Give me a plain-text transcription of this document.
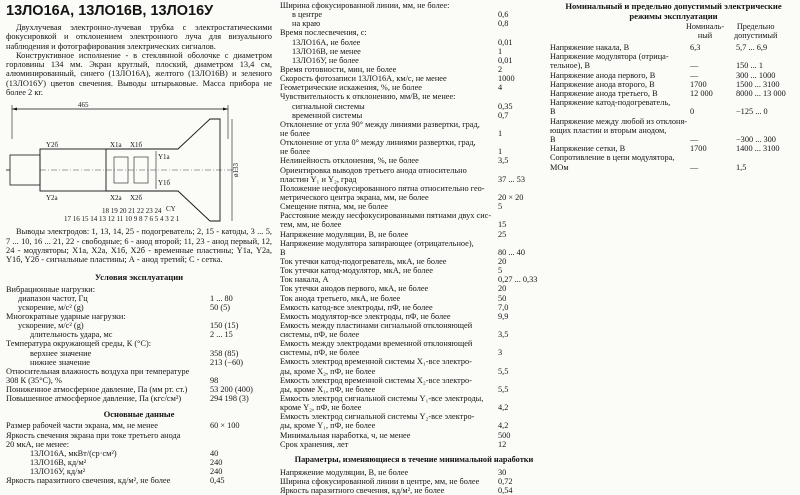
13ЛО16А, 13ЛО16В, 13ЛО16У

Двухлучевая электронно-лучевая трубка с электростатическими фокусировкой и отклонением электронного луча для визуального наблюдения и фотографирования электрических сигналов.

Конструктивное исполнение - в стеклянной оболочке с диаметром горловины 134 мм. Экран круглый, плоский, диаметром 13,4 см, алюминированный, синего (13ЛО16А), желтого (13ЛО16В) и зеленого (13ЛО16У) цветов свечения. Выводы штырьковые. Масса прибора не более 2 кг.

465
ø133
X1а X1б
X2а X2б
Y1а
Y1б
Y2б
Y2а
CY
18 19 20 21 22 23 24
17 16 15 14 13 12 11 10 9 8 7 6 5 4 3 2 1

Выводы электродов: 1, 13, 14, 25 - подогреватель; 2, 15 - катоды, 3 ... 5, 7 ... 10, 16 ... 21, 22 - свободные; 6 - анод второй; 11, 23 - анод первый, 12, 24 - модуляторы; X1а, X2а, X1б, X2б - временные пластины; Y1а, Y2а, Y1б, Y2б - сигнальные пластины; А - анод третий; C - сетка.

Условия эксплуатации

Вибрационные нагрузки:
диапазон частот, Гц	1 ... 80
ускорение, м/с² (g)	50 (5)
Многократные ударные нагрузки:
ускорение, м/с² (g)	150 (15)
длительность удара, мс	2 ... 15
Температура окружающей среды, К (°С):
верхнее значение	358 (85)
нижнее значение	213 (−60)
Относительная влажность воздуха при температуре
308 К (35°С), %	98
Пониженное атмосферное давление, Па (мм рт. ст.)	53 200 (400)
Повышенное атмосферное давление, Па (кгс/см²)	294 198 (3)

Основные данные

Размер рабочей части экрана, мм, не менее	60 × 100
Яркость свечения экрана при токе третьего анода
20 мкА, не менее:
13ЛО16А, мкВт/(ср·см²)	40
13ЛО16В, кд/м²	240
13ЛО16У, кд/м²	240
Яркость паразитного свечения, кд/м², не более	0,45
Ширина сфокусированной линии, мм, не более:
в центре	0,6
на краю	0,8
Время послесвечения, с:
13ЛО16А, не более	0,01
13ЛО16В, не менее	1
13ЛО16У, не более	0,01
Время готовности, мин, не более	2
Скорость фотозаписи 13ЛО16А, км/с, не менее	1000
Геометрические искажения, %, не более	4
Чувствительность к отклонению, мм/В, не менее:
сигнальной системы	0,35
временной системы	0,7
Отклонение от угла 90° между линиями развертки, град,
не более	1
Отклонение от угла 0° между линиями развертки, град,
не более	1
Нелинейность отклонения, %, не более	3,5
Ориентировка выводов третьего анода относительно
пластин Y₁ и Y₂, град	37 ... 53
Положение несфокусированного пятна относительно гео-
метрического центра экрана, мм, не более	20 × 20
Смещение пятна, мм, не более	5
Расстояние между несфокусированными пятнами двух сис-
тем, мм, не более	15
Напряжение модуляции, В, не более	25
Напряжение модулятора запирающее (отрицательное),
В	80 ... 40
Ток утечки катод-подогреватель, мкА, не более	20
Ток утечки катод-модулятор, мкА, не более	5
Ток накала, А	0,27 ... 0,33
Ток утечки анодов первого, мкА, не более	20
Ток анода третьего, мкА, не более	50
Емкость катод-все электроды, пФ, не более	7,0
Емкость модулятор-все электроды, пФ, не более	9,9
Емкость между пластинами сигнальной отклоняющей
системы, пФ, не более	3,5
Емкость между электродами временной отклоняющей
системы, пФ, не более	3
Емкость электрод временной системы X₁-все электро-
ды, кроме X₂, пФ, не более	5,5
Емкость электрод временной системы X₂-все электро-
ды, кроме X₁, пФ, не более	5,5
Емкость электрод сигнальной системы Y₁-все электроды,
кроме Y₂, пФ, не более	4,2
Емкость электрод сигнальной системы Y₂-все электро-
ды, кроме Y₁, пФ, не более	4,2
Минимальная наработка, ч, не менее	500
Срок хранения, лет	12

Параметры, изменяющиеся в течение минимальной наработки

Напряжение модуляции, В, не более	30
Ширина сфокусированной линии в центре, мм, не более 0,72
Яркость паразитного свечения, кд/м², не более	0,54

Номинальный и предельно допустимый электрические режимы эксплуатации

Номиналь-
ный
Предельно
допустимый
Напряжение накала, В	6,3	5,7 ... 6,9
Напряжение модулятора (отрица-
тельное), В	—	150 ... 1
Напряжение анода первого, В	—	300 ... 1000
Напряжение анода второго, В	1700	1500 ... 3100
Напряжение анода третьего, В	12 000	8000 ... 13 000
Напряжение катод-подогреватель,
В	0	−125 ... 0
Напряжение между любой из отклоня-
ющих пластин и вторым анодом,
В	—	−300 ... 300
Напряжение сетки, В	1700	1400 ... 3100
Сопротивление в цепи модулятора,
МОм	—	1,5
